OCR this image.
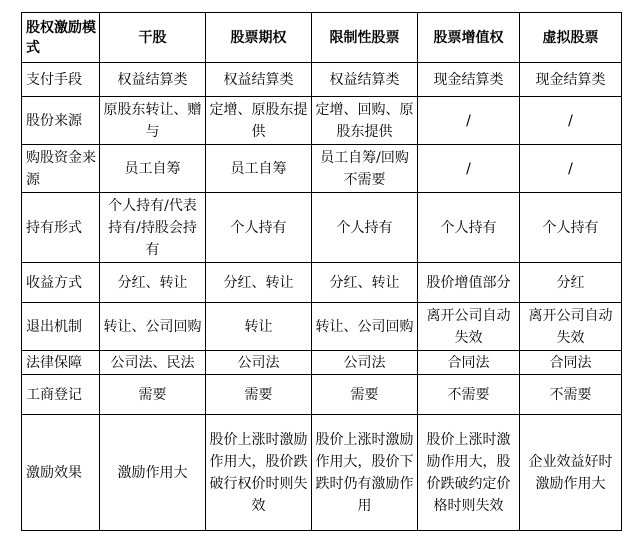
股权激励模式	干股	股票期权	限制性股票	股票增值权	虚拟股票
支付手段	权益结算类	权益结算类	权益结算类	现金结算类	现金结算类
股份来源	原股东转让、赠与	定增、原股东提供	定增、回购、原股东提供	/	/
购股资金来源	员工自筹	员工自筹	员工自筹/回购不需要	/	/
持有形式	个人持有/代表持有/持股会持有	个人持有	个人持有	个人持有	个人持有
收益方式	分红、转让	分红、转让	分红、转让	股价增值部分	分红
退出机制	转让、公司回购	转让	转让、公司回购	离开公司自动失效	离开公司自动失效
法律保障	公司法、民法	公司法	公司法	合同法	合同法
工商登记	需要	需要	需要	不需要	不需要
激励效果	激励作用大	股价上涨时激励作用大，股价跌破行权价时则失效	股价上涨时激励作用大，股价下跌时仍有激励作用	股价上涨时激励作用大，股价跌破约定价格时则失效	企业效益好时激励作用大
